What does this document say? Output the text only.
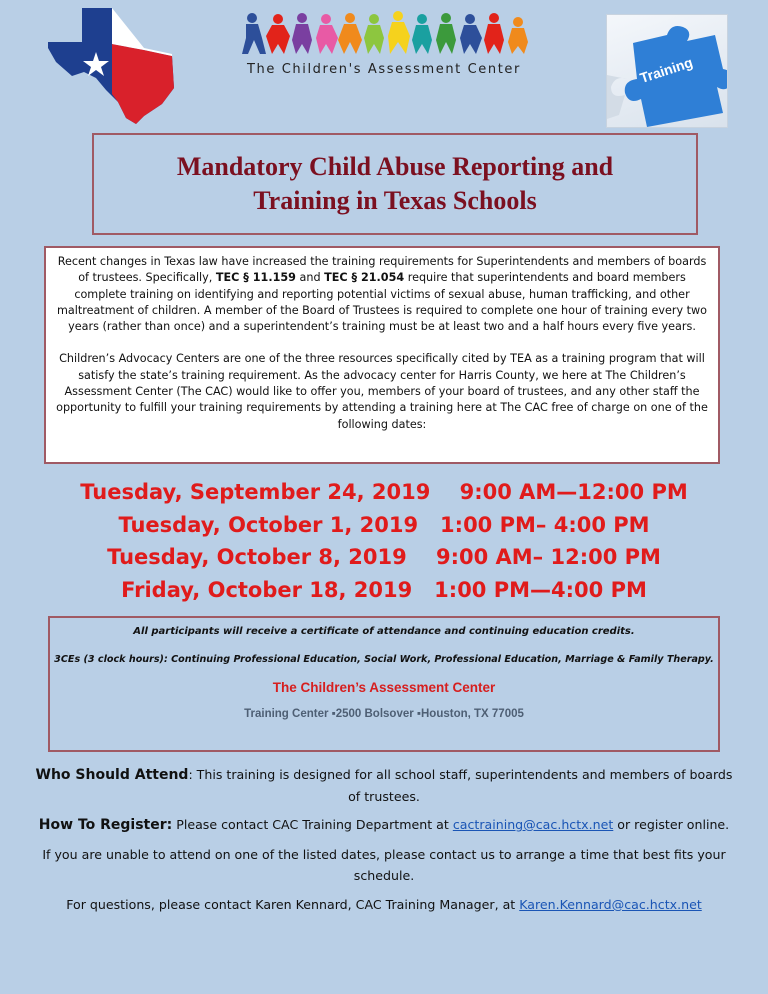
The Children's Assessment Center	Training
Mandatory Child Abuse Reporting and
Training in Texas Schools

Recent changes in Texas law have increased the training requirements for Superintendents and members of boards of trustees. Specifically, TEC § 11.159 and TEC § 21.054 require that superintendents and board members complete training on identifying and reporting potential victims of sexual abuse, human trafficking, and other maltreatment of children. A member of the Board of Trustees is required to complete one hour of training every two years (rather than once) and a superintendent’s training must be at least two and a half hours every five years.

Children’s Advocacy Centers are one of the three resources specifically cited by TEA as a training program that will satisfy the state’s training requirement. As the advocacy center for Harris County, we here at The Children’s Assessment Center (The CAC) would like to offer you, members of your board of trustees, and any other staff the opportunity to fulfill your training requirements by attending a training here at The CAC free of charge on one of the following dates:

Tuesday, September 24, 2019    9:00 AM—12:00 PM
Tuesday, October 1, 2019   1:00 PM– 4:00 PM
Tuesday, October 8, 2019    9:00 AM– 12:00 PM
Friday, October 18, 2019   1:00 PM—4:00 PM
All participants will receive a certificate of attendance and continuing education credits.
3CEs (3 clock hours): Continuing Professional Education, Social Work, Professional Education, Marriage & Family Therapy.
The Children’s Assessment Center
Training Center ▪2500 Bolsover ▪Houston, TX 77005
Who Should Attend: This training is designed for all school staff, superintendents and members of boards of trustees.
How To Register: Please contact CAC Training Department at cactraining@cac.hctx.net or register online.
If you are unable to attend on one of the listed dates, please contact us to arrange a time that best fits your schedule.
For questions, please contact Karen Kennard, CAC Training Manager, at Karen.Kennard@cac.hctx.net
